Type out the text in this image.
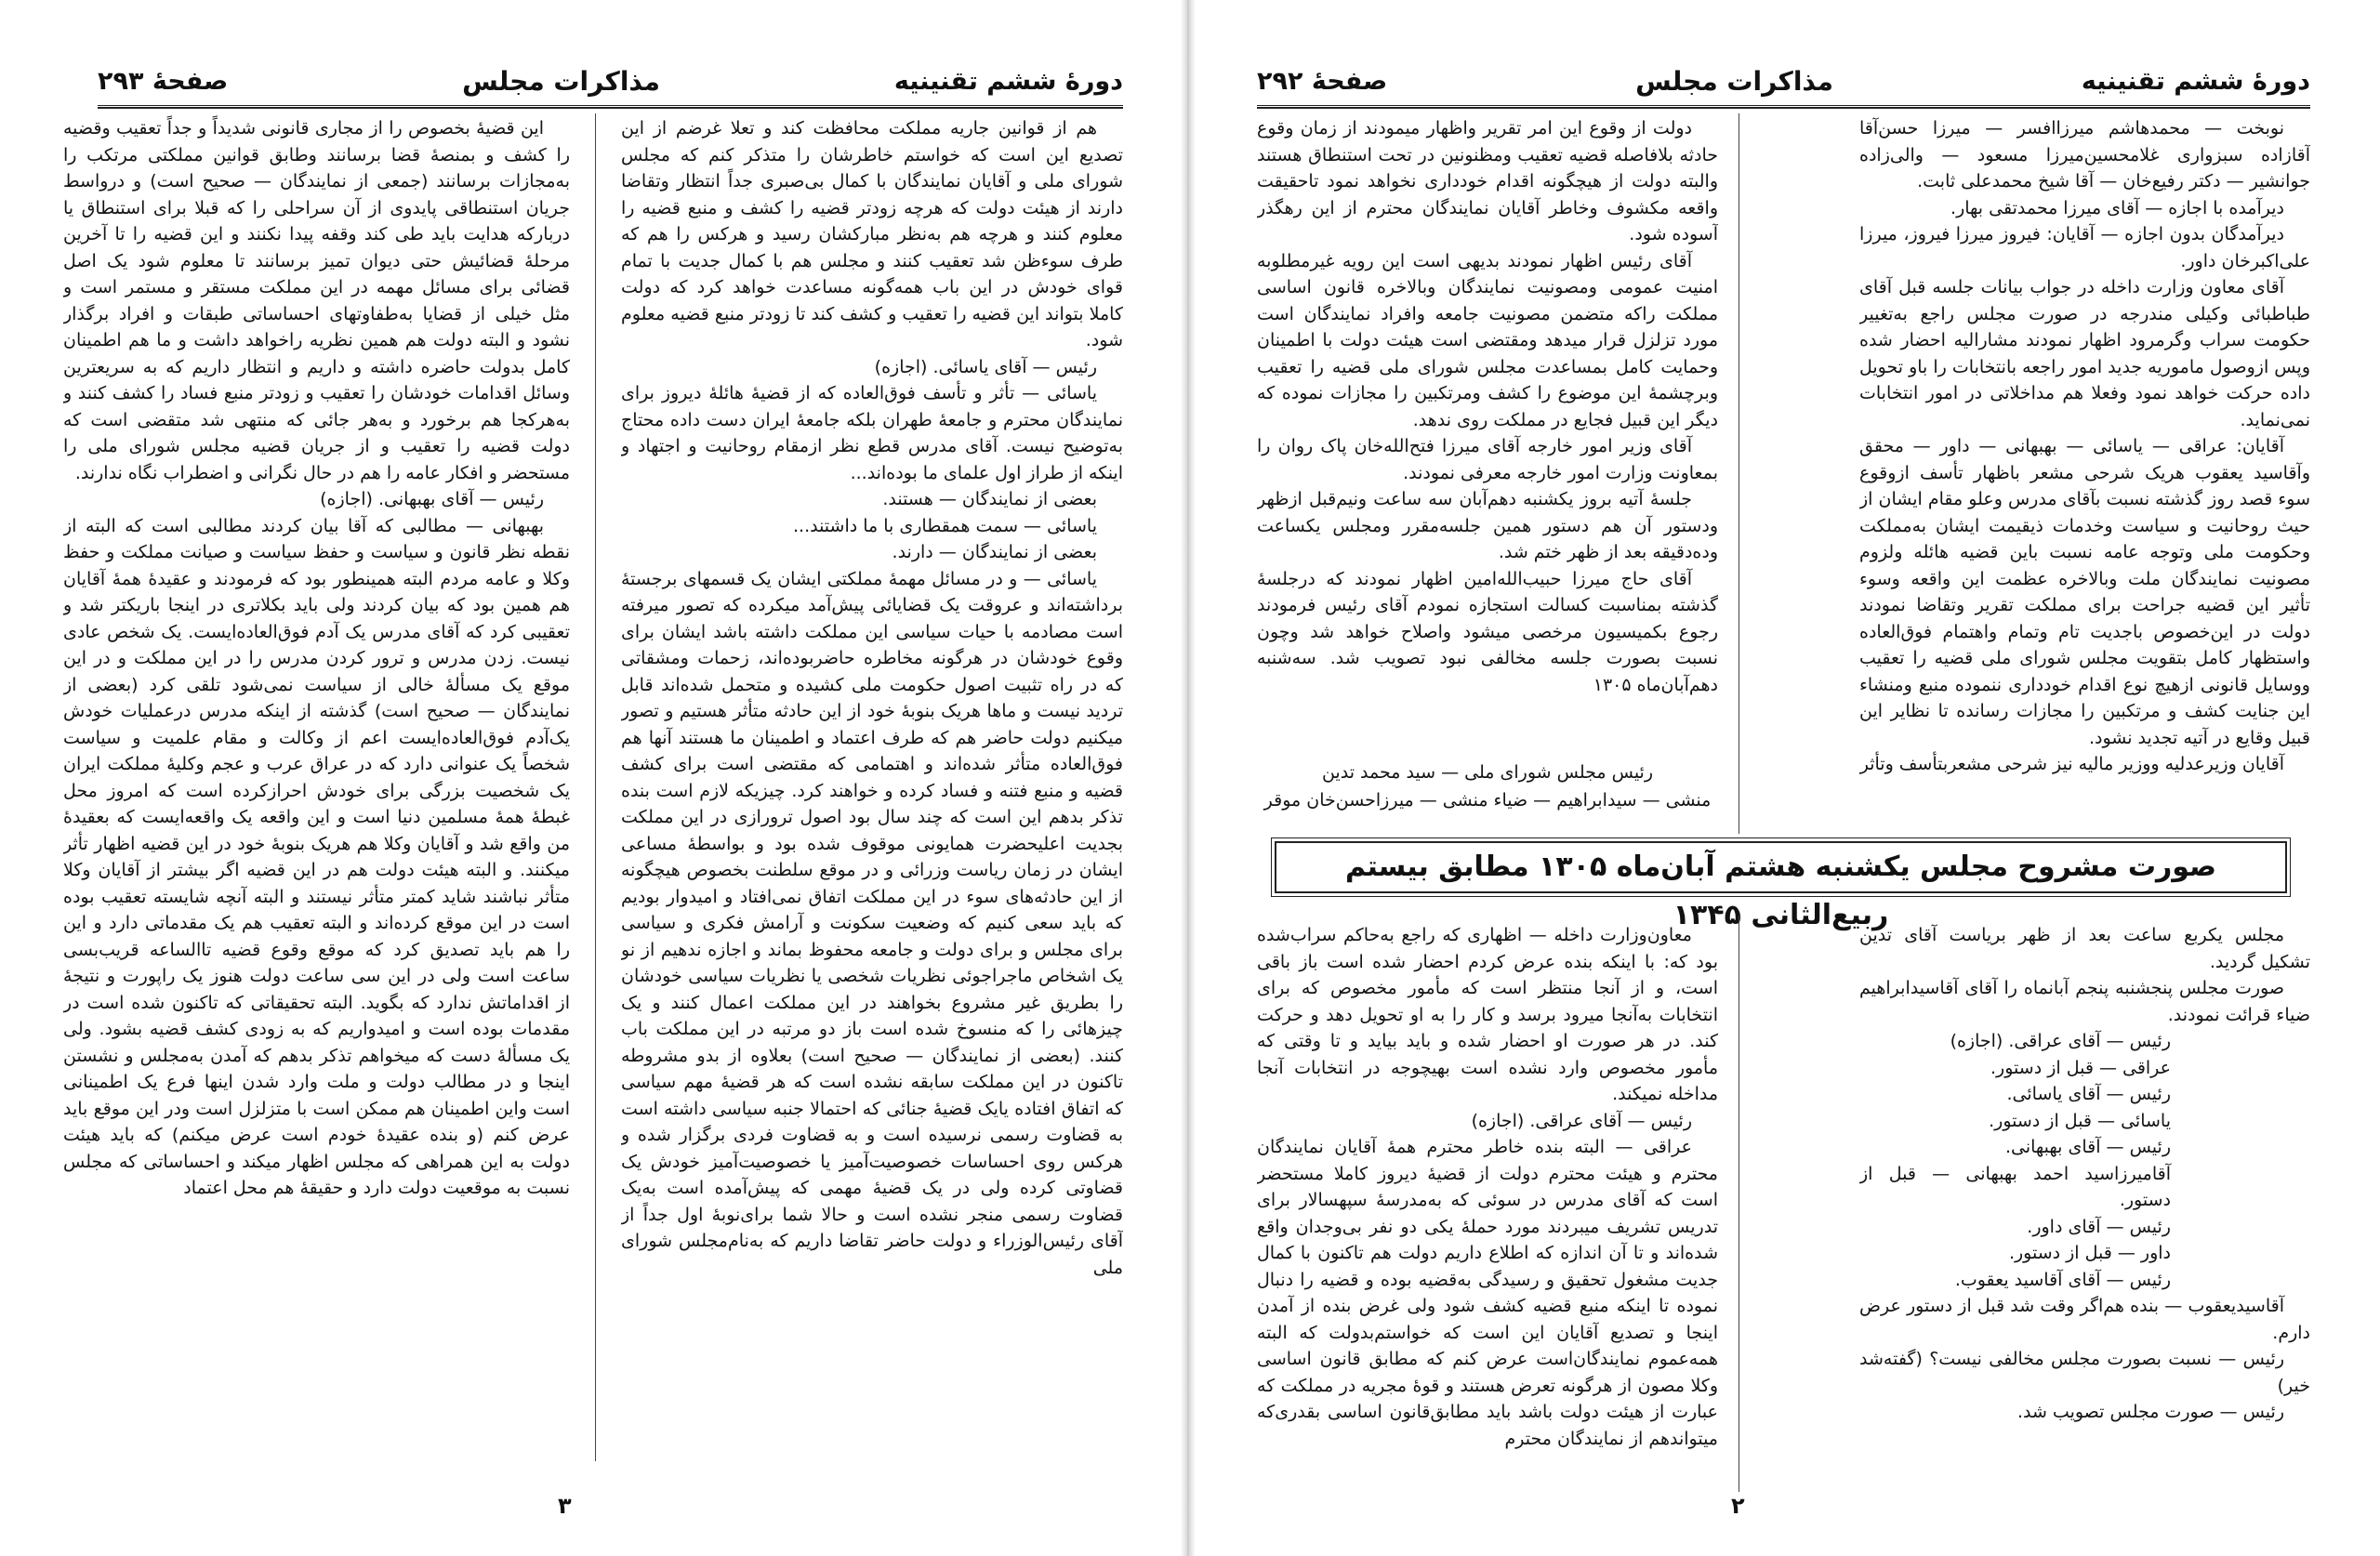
دورهٔ ششم تقنینیه
مذاکرات مجلس
صفحهٔ ۲۹۳

هم از قوانین جاریه مملکت محافظت کند و تعلا غرضم از این تصدیع این است که خواستم خاطرشان را متذکر کنم که مجلس شورای ملی و آقایان نمایندگان با کمال بی‌صبری جداً انتظار وتقاضا دارند از هیئت دولت که هرچه زودتر قضیه را کشف و منبع قضیه را معلوم کنند و هرچه هم به‌نظر مبارکشان رسید و هرکس را هم که طرف سوءظن شد تعقیب کنند و مجلس هم با کمال جدیت با تمام قوای خودش در این باب همه‌گونه مساعدت خواهد کرد که دولت کاملا بتواند این قضیه را تعقیب و کشف کند تا زودتر منبع قضیه معلوم شود.

رئیس — آقای یاسائی. (اجازه)

یاسائی — تأثر و تأسف فوق‌العاده که از قضیهٔ هائلهٔ دیروز برای نمایندگان محترم و جامعهٔ طهران بلکه جامعهٔ ایران دست داده محتاج به‌توضیح نیست. آقای مدرس قطع نظر ازمقام روحانیت و اجتهاد و اینکه از طراز اول علمای ما بوده‌اند...

بعضی از نمایندگان — هستند.

یاسائی — سمت همقطاری با ما داشتند...

بعضی از نمایندگان — دارند.

یاسائی — و در مسائل مهمهٔ مملکتی ایشان یک قسمهای برجستهٔ برداشته‌اند و عروقت یک قضایائی پیش‌آمد میکرده که تصور میرفته است مصادمه با حیات سیاسی این مملکت داشته باشد ایشان برای وقوع خودشان در هرگونه مخاطره حاضربوده‌اند، زحمات ومشقاتی که در راه تثبیت اصول حکومت ملی کشیده و متحمل شده‌اند قابل تردید نیست و ماها هریک بنوبهٔ خود از این حادثه متأثر هستیم و تصور میکنیم دولت حاضر هم که طرف اعتماد و اطمینان ما هستند آنها هم فوق‌العاده متأثر شده‌اند و اهتمامی که مقتضی است برای کشف قضیه و منبع فتنه و فساد کرده و خواهند کرد. چیزیکه لازم است بنده تذکر بدهم این است که چند سال بود اصول ترورازی در این مملکت بجدیت اعلیحضرت همایونی موقوف شده بود و بواسطهٔ مساعی ایشان در زمان ریاست وزرائی و در موقع سلطنت بخصوص هیچگونه از این حادثه‌های سوء در این مملکت اتفاق نمی‌افتاد و امیدوار بودیم که باید سعی کنیم که وضعیت سکونت و آرامش فکری و سیاسی برای مجلس و برای دولت و جامعه محفوظ بماند و اجازه ندهیم از نو یک اشخاص ماجراجوئی نظریات شخصی یا نظریات سیاسی خودشان را بطریق غیر مشروع بخواهند در این مملکت اعمال کنند و یک چیزهائی را که منسوخ شده است باز دو مرتبه در این مملکت باب کنند. (بعضی از نمایندگان — صحیح است) بعلاوه از بدو مشروطه تاکنون در این مملکت سابقه نشده است که هر قضیهٔ مهم سیاسی که اتفاق افتاده یایک قضیهٔ جنائی که احتمالا جنبه سیاسی داشته است به قضاوت رسمی نرسیده است و به قضاوت فردی برگزار شده و هرکس روی احساسات خصوصیت‌آمیز یا خصوصیت‌آمیز خودش یک قضاوتی کرده ولی در یک قضیهٔ مهمی که پیش‌آمده است به‌یک قضاوت رسمی منجر نشده است و حالا شما برای‌نوبهٔ اول جداً از آقای رئیس‌الوزراء و دولت حاضر تقاضا داریم که به‌نام‌مجلس شورای ملی

این قضیهٔ بخصوص را از مجاری قانونی شدیداً و جداً تعقیب وقضیه را کشف و بمنصهٔ قضا برسانند وطابق قوانین مملکتی مرتکب را به‌مجازات برسانند (جمعی از نمایندگان — صحیح است) و درواسط جریان استنطاقی پایدوی از آن سراحلی را که قبلا برای استنطاق یا دربارکه هدایت باید طی کند وقفه پیدا نکنند و این قضیه را تا آخرین مرحلهٔ قضائیش حتی دیوان تمیز برسانند تا معلوم شود یک اصل قضائی برای مسائل مهمه در این مملکت مستقر و مستمر است و مثل خیلی از قضایا به‌طفاوتهای احساساتی طبقات و افراد برگذار نشود و البته دولت هم همین نظریه راخواهد داشت و ما هم اطمینان کامل بدولت حاضره داشته و داریم و انتظار داریم که به سریعترین وسائل اقدامات خودشان را تعقیب و زودتر منبع فساد را کشف کنند و به‌هرکجا هم برخورد و به‌هر جائی که منتهی شد متقضی است که دولت قضیه را تعقیب و از جریان قضیه مجلس شورای ملی را مستحضر و افکار عامه را هم در حال نگرانی و اضطراب نگاه ندارند.

رئیس — آقای بهبهانی. (اجازه)

بهبهانی — مطالبی که آقا بیان کردند مطالبی است که البته از نقطه نظر قانون و سیاست و حفظ سیاست و صیانت مملکت و حفظ وکلا و عامه مردم البته همینطور بود که فرمودند و عقیدهٔ همهٔ آقایان هم همین بود که بیان کردند ولی باید بکلاتری در اینجا باریکتر شد و تعقیبی کرد که آقای مدرس یک آدم فوق‌العاده‌ایست. یک شخص عادی نیست. زدن مدرس و ترور کردن مدرس را در این مملکت و در این موقع یک مسألهٔ خالی از سیاست نمی‌شود تلقی کرد (بعضی از نمایندگان — صحیح است) گذشته از اینکه مدرس درعملیات خودش یک‌آدم فوق‌العاده‌ایست اعم از وکالت و مقام علمیت و سیاست شخصاً یک عنوانی دارد که در عراق عرب و عجم وکلیهٔ مملکت ایران یک شخصیت بزرگی برای خودش احرازکرده است که امروز محل غبطهٔ همهٔ مسلمین دنیا است و این واقعه یک واقعه‌ایست که بعقیدهٔ من واقع شد و آقایان وکلا هم هریک بنوبهٔ خود در این قضیه اظهار تأثر میکنند. و البته هیئت دولت هم در این قضیه اگر بیشتر از آقایان وکلا متأثر نباشند شاید کمتر متأثر نیستند و البته آنچه شایسته تعقیب بوده است در این موقع کرده‌اند و البته تعقیب هم یک مقدماتی دارد و این را هم باید تصدیق کرد که موقع وقوع قضیه تاالساعه قریب‌بسی ساعت است ولی در این سی ساعت دولت هنوز یک راپورت و نتیجهٔ از اقداماتش ندارد که بگوید. البته تحقیقاتی که تاکنون شده است در مقدمات بوده است و امیدواریم که به زودی کشف قضیه بشود. ولی یک مسألهٔ دست که میخواهم تذکر بدهم که آمدن به‌مجلس و نشستن اینجا و در مطالب دولت و ملت وارد شدن اینها فرع یک اطمینانی است واین اطمینان هم ممکن است با متزلزل است ودر این موقع باید عرض کنم (و بنده عقیدهٔ خودم است عرض میکنم) که باید هیئت دولت به این همراهی که مجلس اظهار میکند و احساساتی که مجلس نسبت به موقعیت دولت دارد و حقیقهٔ هم محل اعتماد

۳
دورهٔ ششم تقنینیه
مذاکرات مجلس
صفحهٔ ۲۹۲

نوبخت — محمدهاشم میرزاافسر — میرزا حسن‌آقا آقازاده سبزواری غلامحسین‌میرزا مسعود — والی‌زاده جوانشیر — دکتر رفیع‌خان — آقا شیخ محمدعلی ثابت.

دیرآمده با اجازه — آقای میرزا محمدتقی بهار.

دیرآمدگان بدون اجازه — آقایان: فیروز میرزا فیروز، میرزا علی‌اکبرخان داور.

آقای معاون وزارت داخله در جواب بیانات جلسه قبل آقای طباطبائی وکیلی مندرجه در صورت مجلس راجع به‌تغییر حکومت سراب وگرمرود اظهار نمودند مشارالیه احضار شده وپس ازوصول ماموریه جدید امور راجعه بانتخابات را باو تحویل داده حرکت خواهد نمود وفعلا هم مداخلاتی در امور انتخابات نمی‌نماید.

آقایان: عراقی — یاسائی — بهبهانی — داور — محقق وآقاسید یعقوب هریک شرحی مشعر باظهار تأسف ازوقوع سوء قصد روز گذشته نسبت بآقای مدرس وعلو مقام ایشان از حیث روحانیت و سیاست وخدمات ذیقیمت ایشان به‌مملکت وحکومت ملی وتوجه عامه نسبت باین قضیه هائله ولزوم مصونیت نمایندگان ملت وبالاخره عظمت این واقعه وسوء تأثیر این قضیه جراحت برای مملکت تقریر وتقاضا نمودند دولت در این‌خصوص باجدیت تام وتمام واهتمام فوق‌العاده واستظهار کامل بتقویت مجلس شورای ملی قضیه را تعقیب ووسایل قانونی ازهیچ نوع اقدام خودداری ننموده منبع ومنشاء این جنایت کشف و مرتکبین را مجازات رسانده تا نظایر این قبیل وقایع در آتیه تجدید نشود.

آقایان وزیرعدلیه ووزیر مالیه نیز شرحی مشعربتأسف وتأثر

دولت از وقوع این امر تقریر واظهار میمودند از زمان وقوع حادثه بلافاصله قضیه تعقیب ومظنونین در تحت استنطاق هستند والبته دولت از هیچگونه اقدام خودداری نخواهد نمود تاحقیقت واقعه مکشوف وخاطر آقایان نمایندگان محترم از این رهگذر آسوده شود.

آقای رئیس اظهار نمودند بدیهی است این رویه غیرمطلوبه امنیت عمومی ومصونیت نمایندگان وبالاخره قانون اساسی مملکت راکه متضمن مصونیت جامعه وافراد نمایندگان است مورد تزلزل قرار میدهد ومقتضی است هیئت دولت با اطمینان وحمایت کامل بمساعدت مجلس شورای ملی قضیه را تعقیب وبرچشمهٔ این موضوع را کشف ومرتکبین را مجازات نموده که دیگر این قبیل فجایع در مملکت روی ندهد.

آقای وزیر امور خارجه آقای میرزا فتح‌الله‌خان پاک روان را بمعاونت وزارت امور خارجه معرفی نمودند.

جلسهٔ آتیه بروز یکشنبه دهم‌آبان سه ساعت ونیم‌قبل ازظهر ودستور آن هم دستور همین جلسه‌مقرر ومجلس یکساعت وده‌دقیقه بعد از ظهر ختم شد.

آقای حاج میرزا حبیب‌الله‌امین اظهار نمودند که درجلسهٔ گذشته بمناسبت کسالت استجازه نمودم آقای رئیس فرمودند رجوع بکمیسیون مرخصی میشود واصلاح خواهد شد وچون نسبت بصورت جلسه مخالفی نبود تصویب شد. سه‌شنبه دهم‌آبان‌ماه ۱۳۰۵

رئیس مجلس شورای ملی — سید محمد تدین
منشی — سیدابراهیم — ضیاء منشی — میرزاحسن‌خان موقر
صورت مشروح مجلس یکشنبه هشتم آبان‌ماه ۱۳۰۵ مطابق بیستم ربیع‌الثانی ۱۳۴۵

مجلس یکربع ساعت بعد از ظهر بریاست آقای تدین تشکیل گردید.

صورت مجلس پنجشنبه پنجم آبانماه را آقای آقاسیدابراهیم ضیاء قرائت نمودند.

رئیس — آقای عراقی. (اجازه)

عراقی — قبل از دستور.

رئیس — آقای یاسائی.

یاسائی — قبل از دستور.

رئیس — آقای بهبهانی.

آقامیرزاسید احمد بهبهانی — قبل از دستور.

رئیس — آقای داور.

داور — قبل از دستور.

رئیس — آقای آقاسید یعقوب.

آقاسیدیعقوب — بنده هم‌اگر وقت شد قبل از دستور عرض دارم.

رئیس — نسبت بصورت مجلس مخالفی نیست؟ (گفته‌شد خیر)

رئیس — صورت مجلس تصویب شد.

معاون‌وزارت داخله — اظهاری که راجع به‌حاکم سراب‌شده بود که: با اینکه بنده عرض کردم احضار شده است باز باقی است، و از آنجا منتظر است که مأمور مخصوص که برای انتخابات به‌آنجا میرود برسد و کار را به او تحویل دهد و حرکت کند. در هر صورت او احضار شده و باید بیاید و تا وقتی که مأمور مخصوص وارد نشده است بهیچوجه در انتخابات آنجا مداخله نمیکند.

رئیس — آقای عراقی. (اجازه)

عراقی — البته بنده خاطر محترم همهٔ آقایان نمایندگان محترم و هیئت محترم دولت از قضیهٔ دیروز کاملا مستحضر است که آقای مدرس در سوئی که به‌مدرسهٔ سپهسالار برای تدریس تشریف میبردند مورد حملهٔ یکی دو نفر بی‌وجدان واقع شده‌اند و تا آن اندازه که اطلاع داریم دولت هم تاکنون با کمال جدیت مشغول تحقیق و رسیدگی به‌قضیه بوده و قضیه را دنبال نموده تا اینکه منبع قضیه کشف شود ولی غرض بنده از آمدن اینجا و تصدیع آقایان این است که خواستم‌بدولت که البته همه‌عموم نمایندگان‌است عرض کنم که مطابق قانون اساسی وکلا مصون از هرگونه تعرض هستند و قوهٔ مجریه در مملکت که عبارت از هیئت دولت باشد باید مطابق‌قانون اساسی بقدری‌که میتواندهم از نمایندگان محترم

۲
